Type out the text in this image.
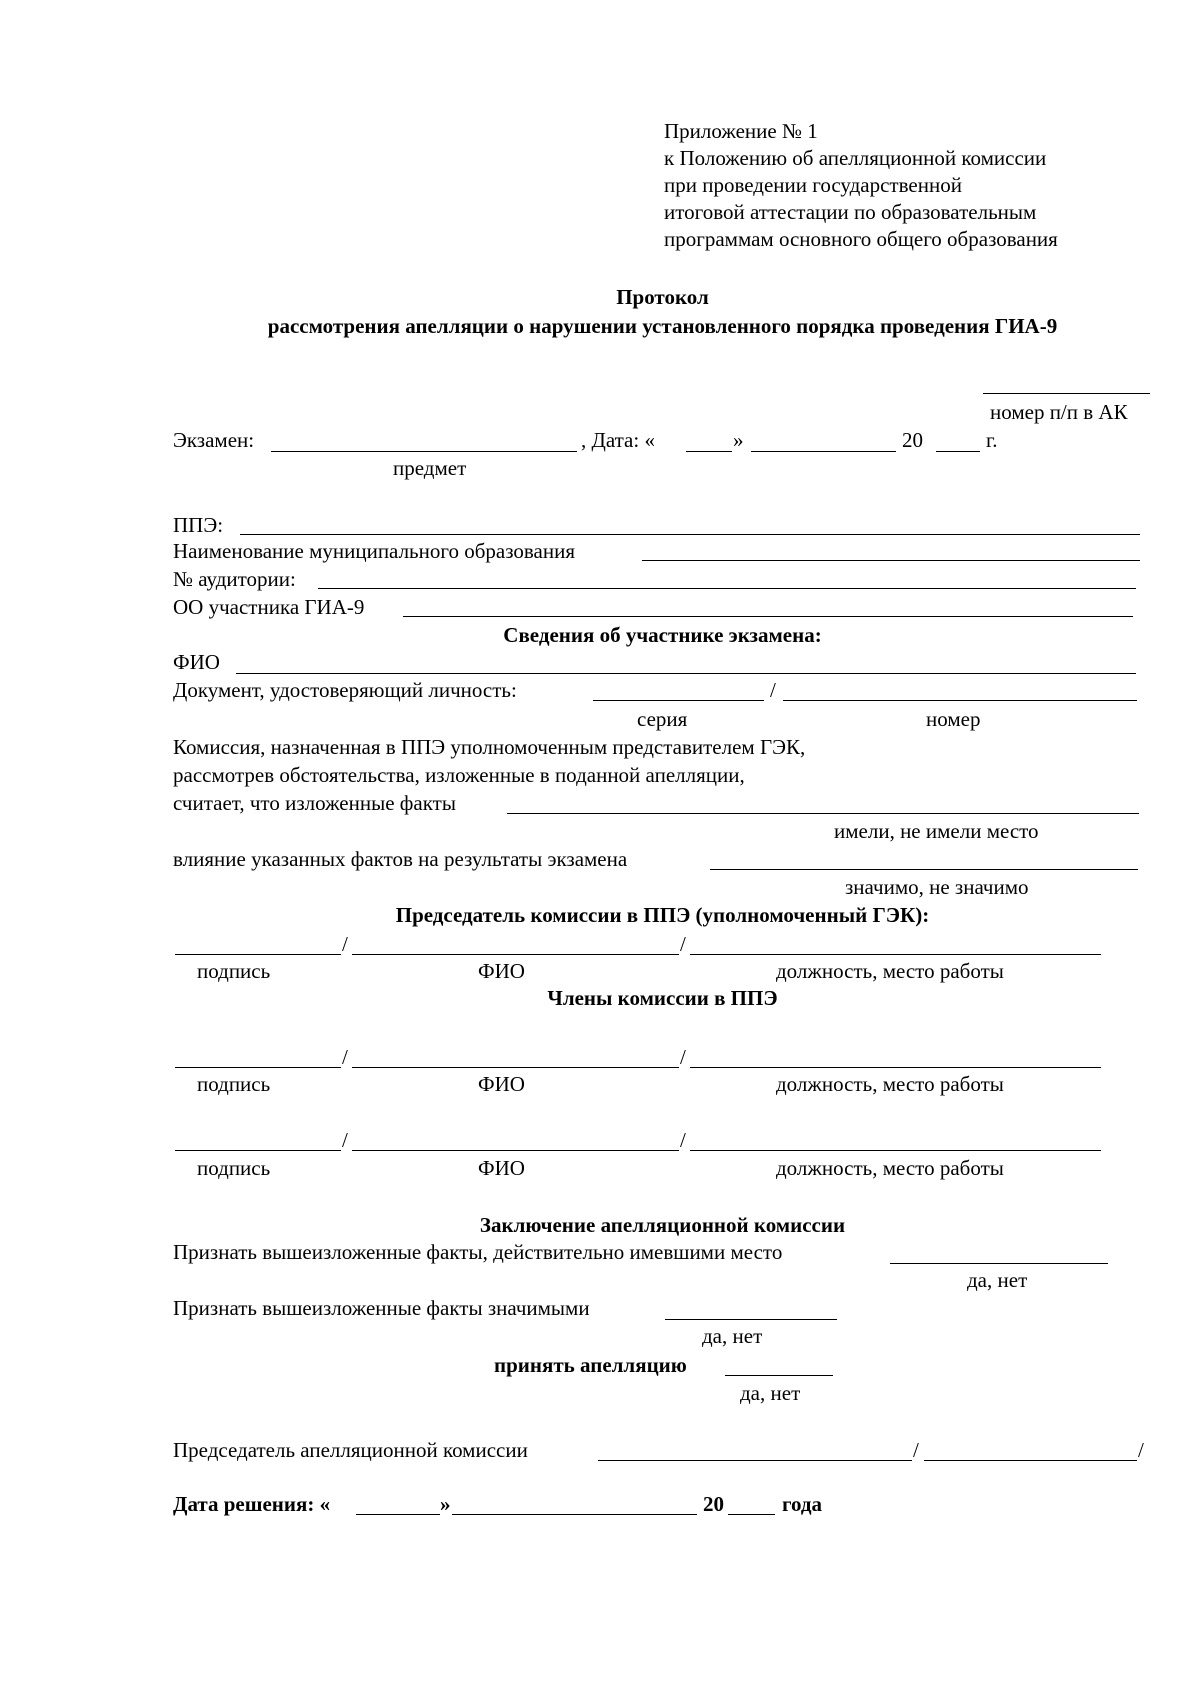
Приложение № 1
к Положению об апелляционной комиссии
при проведении государственной
итоговой аттестации по образовательным
программам основного общего образования
Протокол
рассмотрения апелляции о нарушении установленного порядка проведения ГИА-9
номер п/п в АК
Экзамен:	, Дата: «	»	20	г.
предмет
ППЭ:
Наименование муниципального образования
№ аудитории:
ОО участника ГИА-9
Сведения об участнике экзамена:
ФИО
Документ, удостоверяющий личность:	/
серия	номер
Комиссия, назначенная в ППЭ уполномоченным представителем ГЭК,
рассмотрев обстоятельства, изложенные в поданной апелляции,
считает, что изложенные факты
имели, не имели место
влияние указанных фактов на результаты экзамена
значимо, не значимо
Председатель комиссии в ППЭ (уполномоченный ГЭК):
/	/
подпись	ФИО	должность, место работы
Члены комиссии в ППЭ
/	/
подпись	ФИО	должность, место работы
/	/
подпись	ФИО	должность, место работы
Заключение апелляционной комиссии
Признать вышеизложенные факты, действительно имевшими место
да, нет
Признать вышеизложенные факты значимыми
да, нет
принять апелляцию
да, нет
Председатель апелляционной комиссии	/	/
Дата решения: «	»	20	года
